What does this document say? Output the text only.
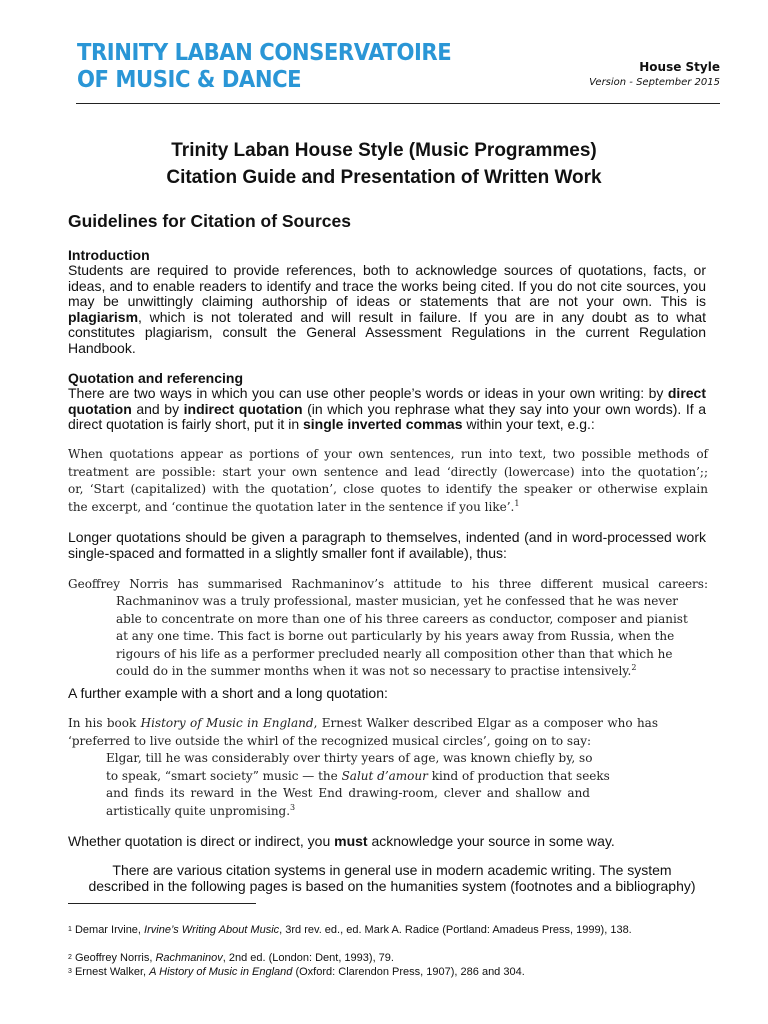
TRINITY LABAN CONSERVATOIRE
OF MUSIC & DANCE	House Style
Version - September 2015
Trinity Laban House Style (Music Programmes)
Citation Guide and Presentation of Written Work
Guidelines for Citation of Sources
Introduction
Students are required to provide references, both to acknowledge sources of quotations, facts, or ideas, and to enable readers to identify and trace the works being cited. If you do not cite sources, you may be unwittingly claiming authorship of ideas or statements that are not your own. This is plagiarism, which is not tolerated and will result in failure. If you are in any doubt as to what constitutes plagiarism, consult the General Assessment Regulations in the current Regulation Handbook.
Quotation and referencing
There are two ways in which you can use other people’s words or ideas in your own writing: by direct quotation and by indirect quotation (in which you rephrase what they say into your own words). If a direct quotation is fairly short, put it in single inverted commas within your text, e.g.:
When quotations appear as portions of your own sentences, run into text, two possible methods of
treatment are possible: start your own sentence and lead ‘directly (lowercase) into the quotation’;;
or, ‘Start (capitalized) with the quotation’, close quotes to identify the speaker or otherwise explain
the excerpt, and ‘continue the quotation later in the sentence if you like’.$^1$
Longer quotations should be given a paragraph to themselves, indented (and in word-processed work single-spaced and formatted in a slightly smaller font if available), thus:
Geoffrey Norris has summarised Rachmaninov’s attitude to his three different musical careers:
Rachmaninov was a truly professional, master musician, yet he confessed that he was never
able to concentrate on more than one of his three careers as conductor, composer and pianist
at any one time. This fact is borne out particularly by his years away from Russia, when the
rigours of his life as a performer precluded nearly all composition other than that which he
could do in the summer months when it was not so necessary to practise intensively.$^2$
A further example with a short and a long quotation:
In his book History of Music in England, Ernest Walker described Elgar as a composer who has
‘preferred to live outside the whirl of the recognized musical circles’, going on to say:
Elgar, till he was considerably over thirty years of age, was known chiefly by, so
to speak, “smart society” music — the Salut d’amour kind of production that seeks
and finds its reward in the West End drawing-room, clever and shallow and
artistically quite unpromising.$^3$
Whether quotation is direct or indirect, you must acknowledge your source in some way.
There are various citation systems in general use in modern academic writing. The system
described in the following pages is based on the humanities system (footnotes and a bibliography)
$^1$ Demar Irvine, Irvine’s Writing About Music, 3rd rev. ed., ed. Mark A. Radice (Portland: Amadeus Press, 1999), 138.
$^2$ Geoffrey Norris, Rachmaninov, 2nd ed. (London: Dent, 1993), 79.
$^3$ Ernest Walker, A History of Music in England (Oxford: Clarendon Press, 1907), 286 and 304.
